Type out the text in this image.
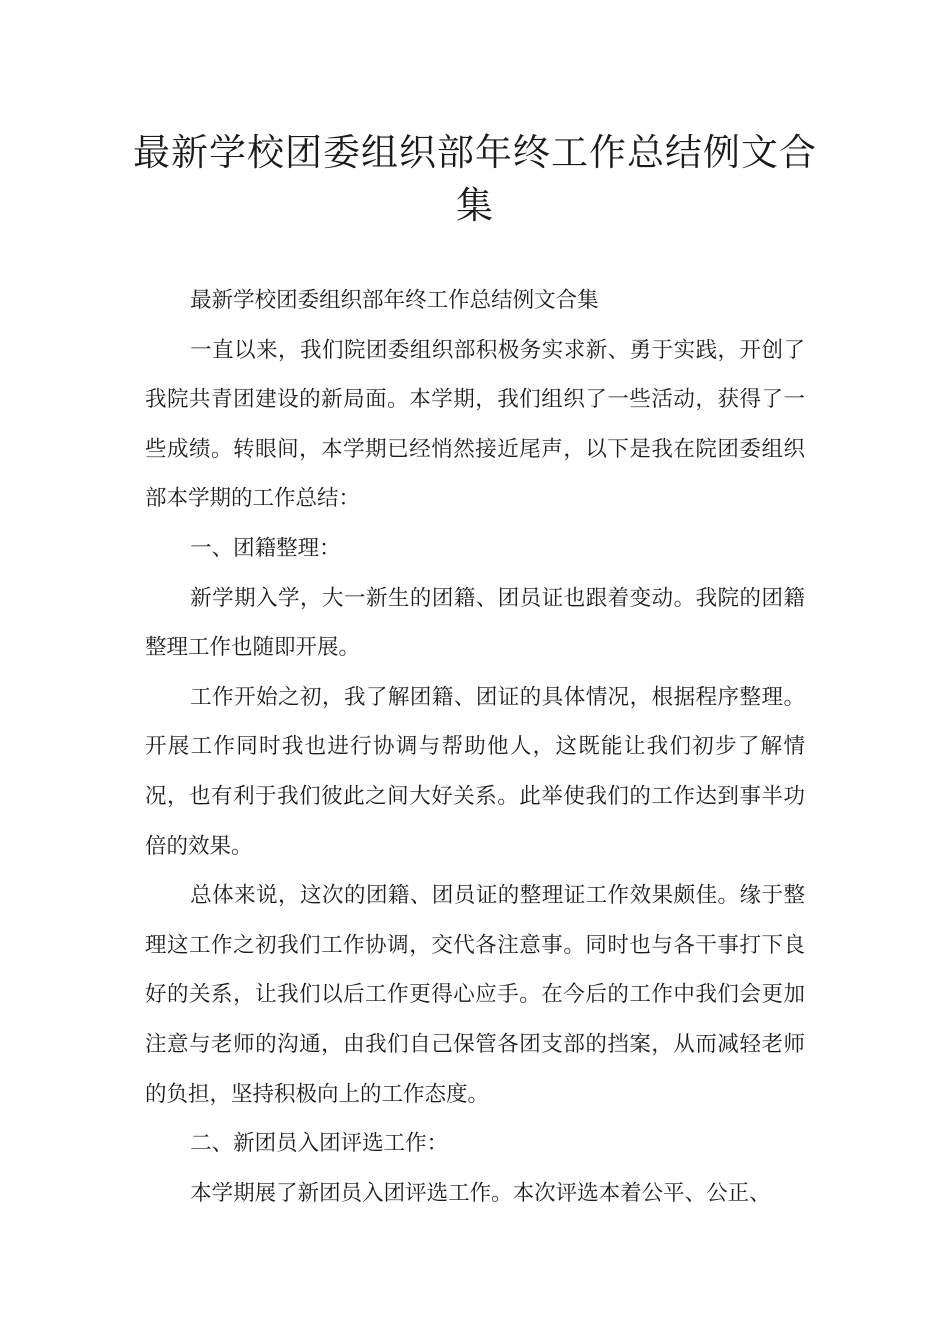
最新学校团委组织部年终工作总结例文合集

最新学校团委组织部年终工作总结例文合集

一直以来，我们院团委组织部积极务实求新、勇于实践，开创了我院共青团建设的新局面。本学期，我们组织了一些活动，获得了一些成绩。转眼间，本学期已经悄然接近尾声，以下是我在院团委组织部本学期的工作总结：

一、团籍整理：

新学期入学，大一新生的团籍、团员证也跟着变动。我院的团籍整理工作也随即开展。

工作开始之初，我了解团籍、团证的具体情况，根据程序整理。开展工作同时我也进行协调与帮助他人，这既能让我们初步了解情况，也有利于我们彼此之间大好关系。此举使我们的工作达到事半功倍的效果。

总体来说，这次的团籍、团员证的整理证工作效果颇佳。缘于整理这工作之初我们工作协调，交代各注意事。同时也与各干事打下良好的关系，让我们以后工作更得心应手。在今后的工作中我们会更加注意与老师的沟通，由我们自己保管各团支部的挡案，从而减轻老师的负担，坚持积极向上的工作态度。

二、新团员入团评选工作：

本学期展了新团员入团评选工作。本次评选本着公平、公正、
